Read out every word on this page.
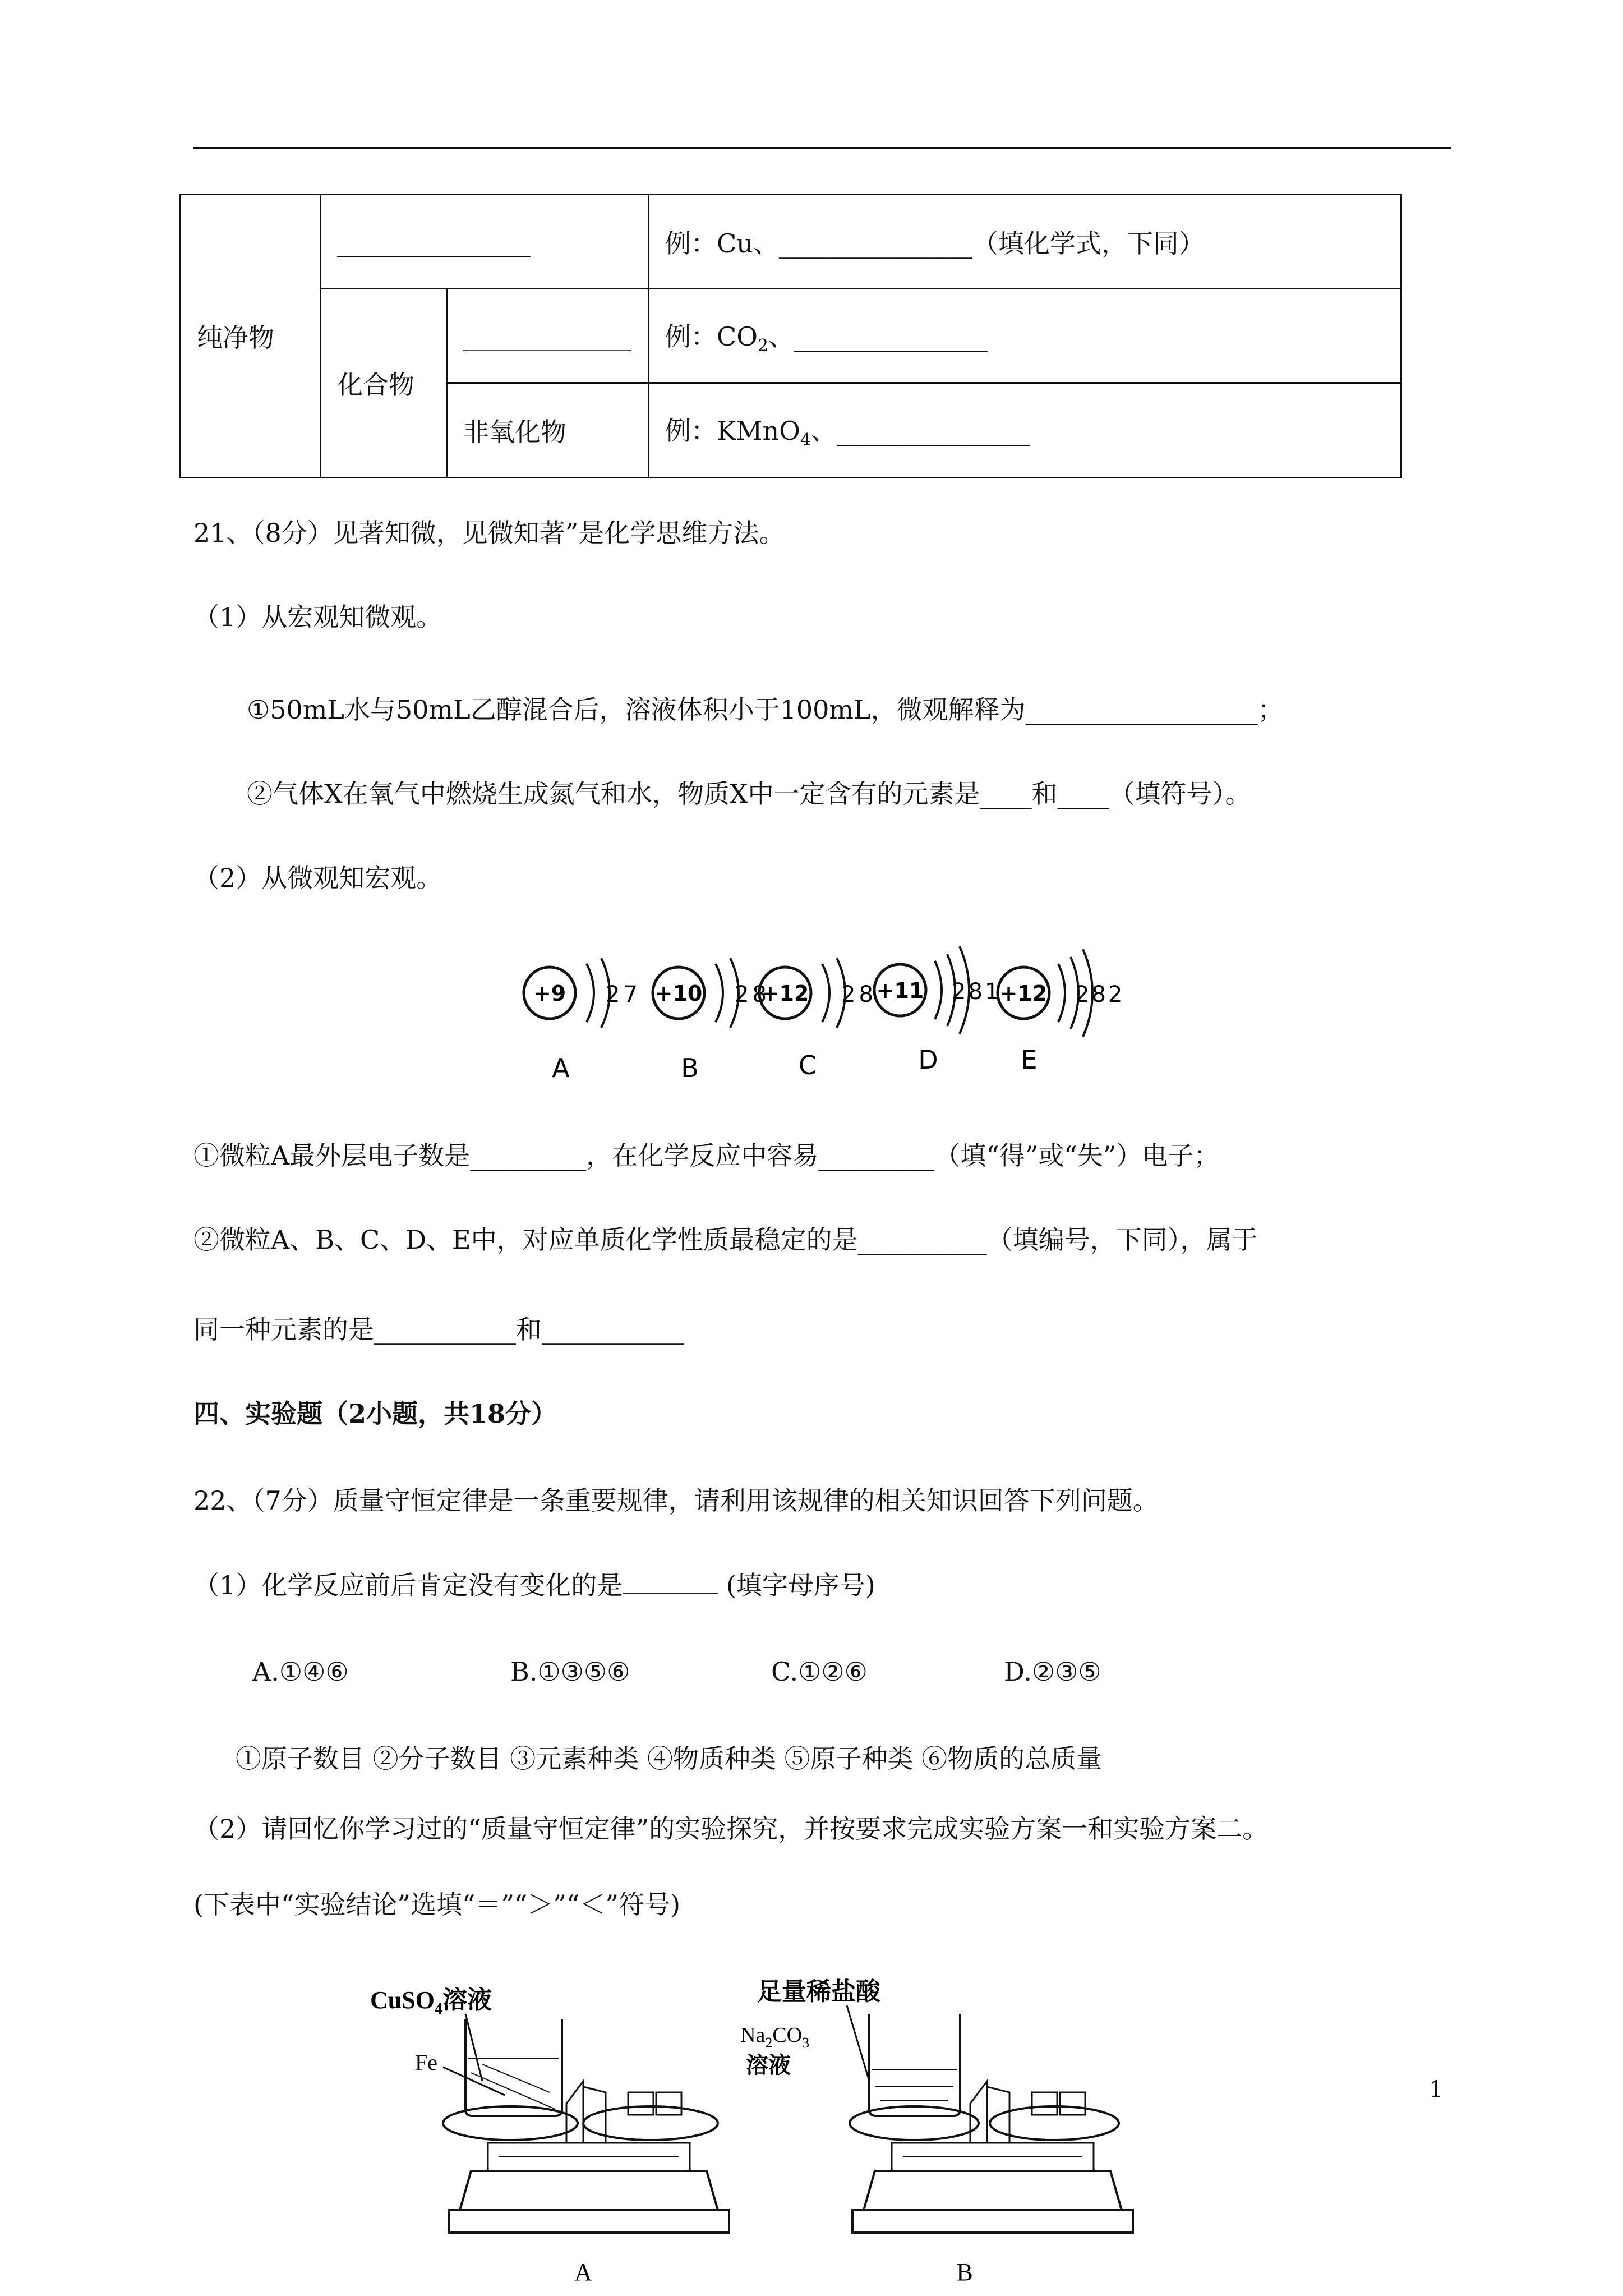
纯净物	_______________		例：Cu、_______________（填化学式，下同）
	化合物	_____________	例：$CO_2$、_______________
		非氧化物	例：KMnO$_4$、_______________
21、（8分）见著知微，见微知著”是化学思维方法。
（1）从宏观知微观。
①50mL水与50mL乙醇混合后，溶液体积小于100mL，微观解释为__________________；
②气体X在氧气中燃烧生成氮气和水，物质X中一定含有的元素是____和____（填符号）。
（2）从微观知宏观。
+9 27
A
+10 28
B
+12 28
C
+11 281
D
+12 282
E
①微粒A最外层电子数是_________，在化学反应中容易_________（填“得”或“失”）电子；
②微粒A、B、C、D、E中，对应单质化学性质最稳定的是__________（填编号，下同），属于
同一种元素的是___________和___________
四、实验题（2小题，共18分）
22、（7分）质量守恒定律是一条重要规律，请利用该规律的相关知识回答下列问题。
（1）化学反应前后肯定没有变化的是	(填字母序号)
A.①④⑥	B.①③⑤⑥	C.①②⑥	D.②③⑤
①原子数目 ②分子数目 ③元素种类 ④物质种类 ⑤原子种类 ⑥物质的总质量
（2）请回忆你学习过的“质量守恒定律”的实验探究，并按要求完成实验方案一和实验方案二。
(下表中“实验结论”选填“＝”“＞”“＜”符号)
CuSO$_4$溶液
Fe
A
足量稀盐酸
$Na_2CO_3$
溶液
B
1
